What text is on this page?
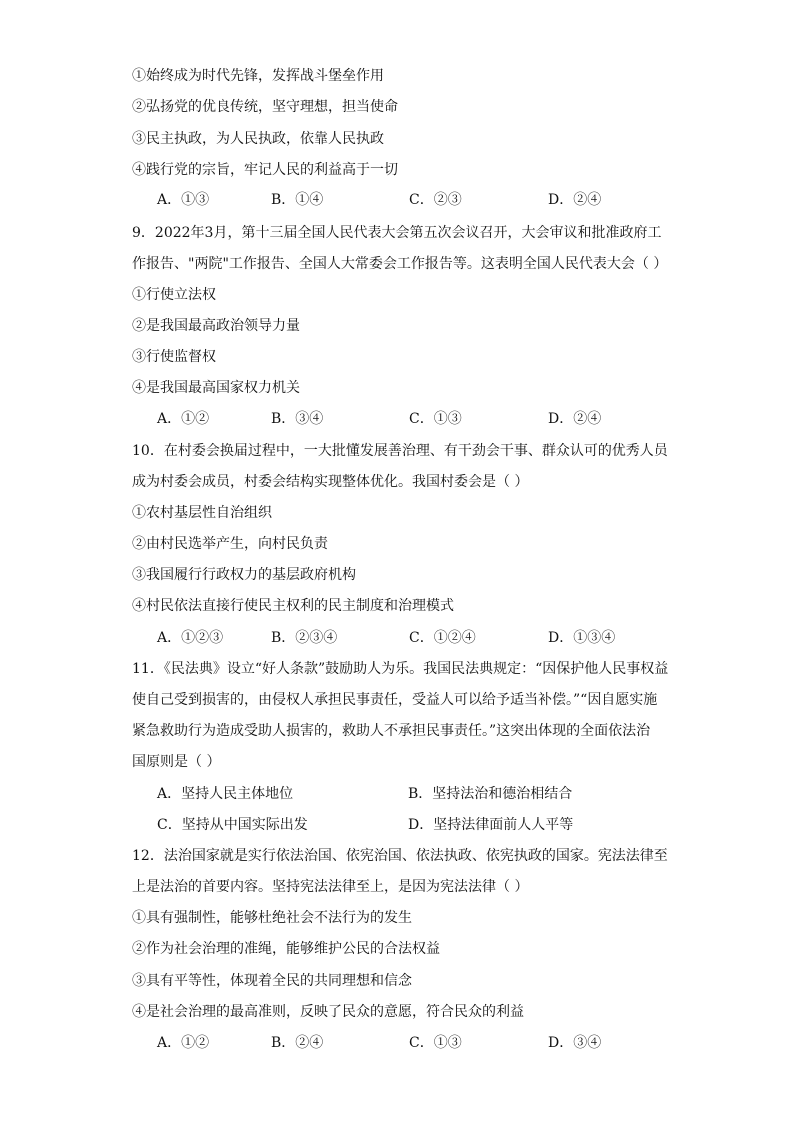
①始终成为时代先锋，发挥战斗堡垒作用
②弘扬党的优良传统，坚守理想，担当使命
③民主执政，为人民执政，依靠人民执政
④践行党的宗旨，牢记人民的利益高于一切
A．①③	B．①④	C．②③	D．②④
9．2022年3月，第十三届全国人民代表大会第五次会议召开，大会审议和批准政府工
作报告、"两院"工作报告、全国人大常委会工作报告等。这表明全国人民代表大会（ ）
①行使立法权
②是我国最高政治领导力量
③行使监督权
④是我国最高国家权力机关
A．①②	B．③④	C．①③	D．②④
10．在村委会换届过程中，一大批懂发展善治理、有干劲会干事、群众认可的优秀人员
成为村委会成员，村委会结构实现整体优化。我国村委会是（ ）
①农村基层性自治组织
②由村民选举产生，向村民负责
③我国履行行政权力的基层政府机构
④村民依法直接行使民主权利的民主制度和治理模式
A．①②③	B．②③④	C．①②④	D．①③④
11．《民法典》设立“好人条款”鼓励助人为乐。我国民法典规定：“因保护他人民事权益
使自己受到损害的，由侵权人承担民事责任，受益人可以给予适当补偿。”“因自愿实施
紧急救助行为造成受助人损害的，救助人不承担民事责任。”这突出体现的全面依法治
国原则是（ ）
A．坚持人民主体地位	B．坚持法治和德治相结合
C．坚持从中国实际出发	D．坚持法律面前人人平等
12．法治国家就是实行依法治国、依宪治国、依法执政、依宪执政的国家。宪法法律至
上是法治的首要内容。坚持宪法法律至上，是因为宪法法律（ ）
①具有强制性，能够杜绝社会不法行为的发生
②作为社会治理的准绳，能够维护公民的合法权益
③具有平等性，体现着全民的共同理想和信念
④是社会治理的最高准则，反映了民众的意愿，符合民众的利益
A．①②	B．②④	C．①③	D．③④
